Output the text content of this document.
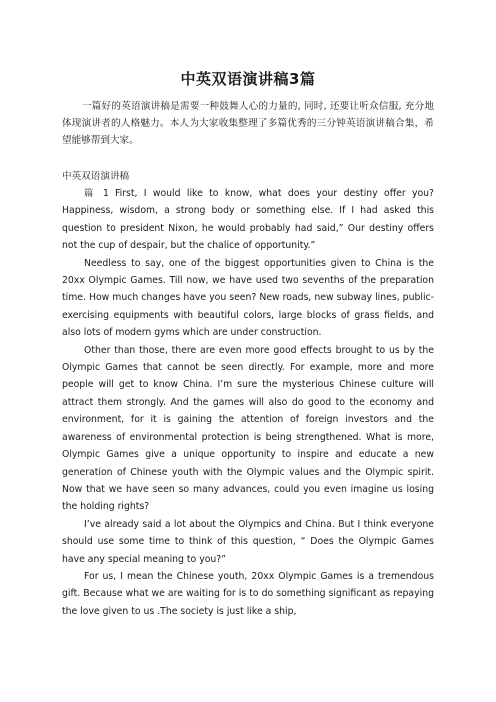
中英双语演讲稿3篇

一篇好的英语演讲稿是需要一种鼓舞人心的力量的, 同时, 还要让听众信服, 充分地体现演讲者的人格魅力。本人为大家收集整理了多篇优秀的三分钟英语演讲稿合集，希望能够帮到大家。

中英双语演讲稿

篇 1 First, I would like to know, what does your destiny offer you? Happiness, wisdom, a strong body or something else. If I had asked this question to president Nixon, he would probably had said,” Our destiny offers not the cup of despair, but the chalice of opportunity.”

Needless to say, one of the biggest opportunities given to China is the 20xx Olympic Games. Till now, we have used two sevenths of the preparation time. How much changes have you seen? New roads, new subway lines, public-exercising equipments with beautiful colors, large blocks of grass fields, and also lots of modern gyms which are under construction.

Other than those, there are even more good effects brought to us by the Olympic Games that cannot be seen directly. For example, more and more people will get to know China. I’m sure the mysterious Chinese culture will attract them strongly. And the games will also do good to the economy and environment, for it is gaining the attention of foreign investors and the awareness of environmental protection is being strengthened. What is more, Olympic Games give a unique opportunity to inspire and educate a new generation of Chinese youth with the Olympic values and the Olympic spirit. Now that we have seen so many advances, could you even imagine us losing the holding rights?

I’ve already said a lot about the Olympics and China. But I think everyone should use some time to think of this question, “ Does the Olympic Games have any special meaning to you?”

For us, I mean the Chinese youth, 20xx Olympic Games is a tremendous gift. Because what we are waiting for is to do something significant as repaying the love given to us .The society is just like a ship,
